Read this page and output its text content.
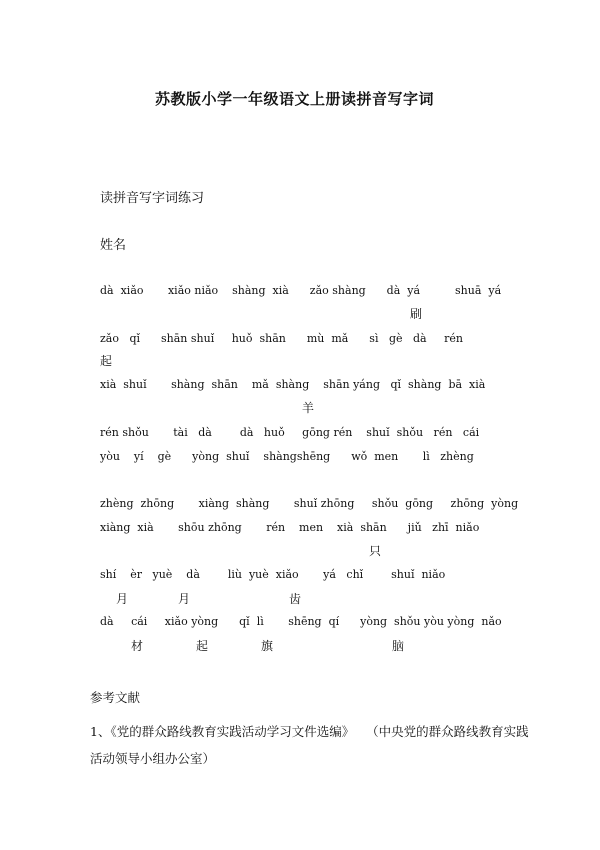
苏教版小学一年级语文上册读拼音写字词
读拼音写字词练习
姓名
dà  xiǎo       xiǎo niǎo    shàng  xià      zǎo shàng      dà  yá          shuā  yá
刷
zǎo   qǐ      shān shuǐ     huǒ  shān      mù  mǎ      sì   gè   dà     rén
起
xià  shuǐ       shàng  shān    mǎ  shàng    shān yáng   qǐ  shàng  bā  xià
羊
rén shǒu       tài   dà        dà   huǒ     gōng rén    shuǐ  shǒu   rén   cái
yòu    yí    gè      yòng  shuǐ    shàngshēng      wǒ  men       lì   zhèng
zhèng  zhōng       xiàng  shàng       shuǐ zhōng     shǒu  gōng     zhōng  yòng
xiàng  xià       shōu zhōng       rén    men    xià  shān      jiǔ   zhī  niǎo
只
shí    èr   yuè    dà        liù  yuè  xiǎo       yá   chǐ        shuǐ  niǎo
月	月	齿
dà     cái     xiǎo yòng      qǐ  lì       shēng  qí      yòng  shǒu yòu yòng  nǎo
材	起	旗	脑
参考文献
1、《党的群众路线教育实践活动学习文件选编》   （中央党的群众路线教育实践
活动领导小组办公室）
